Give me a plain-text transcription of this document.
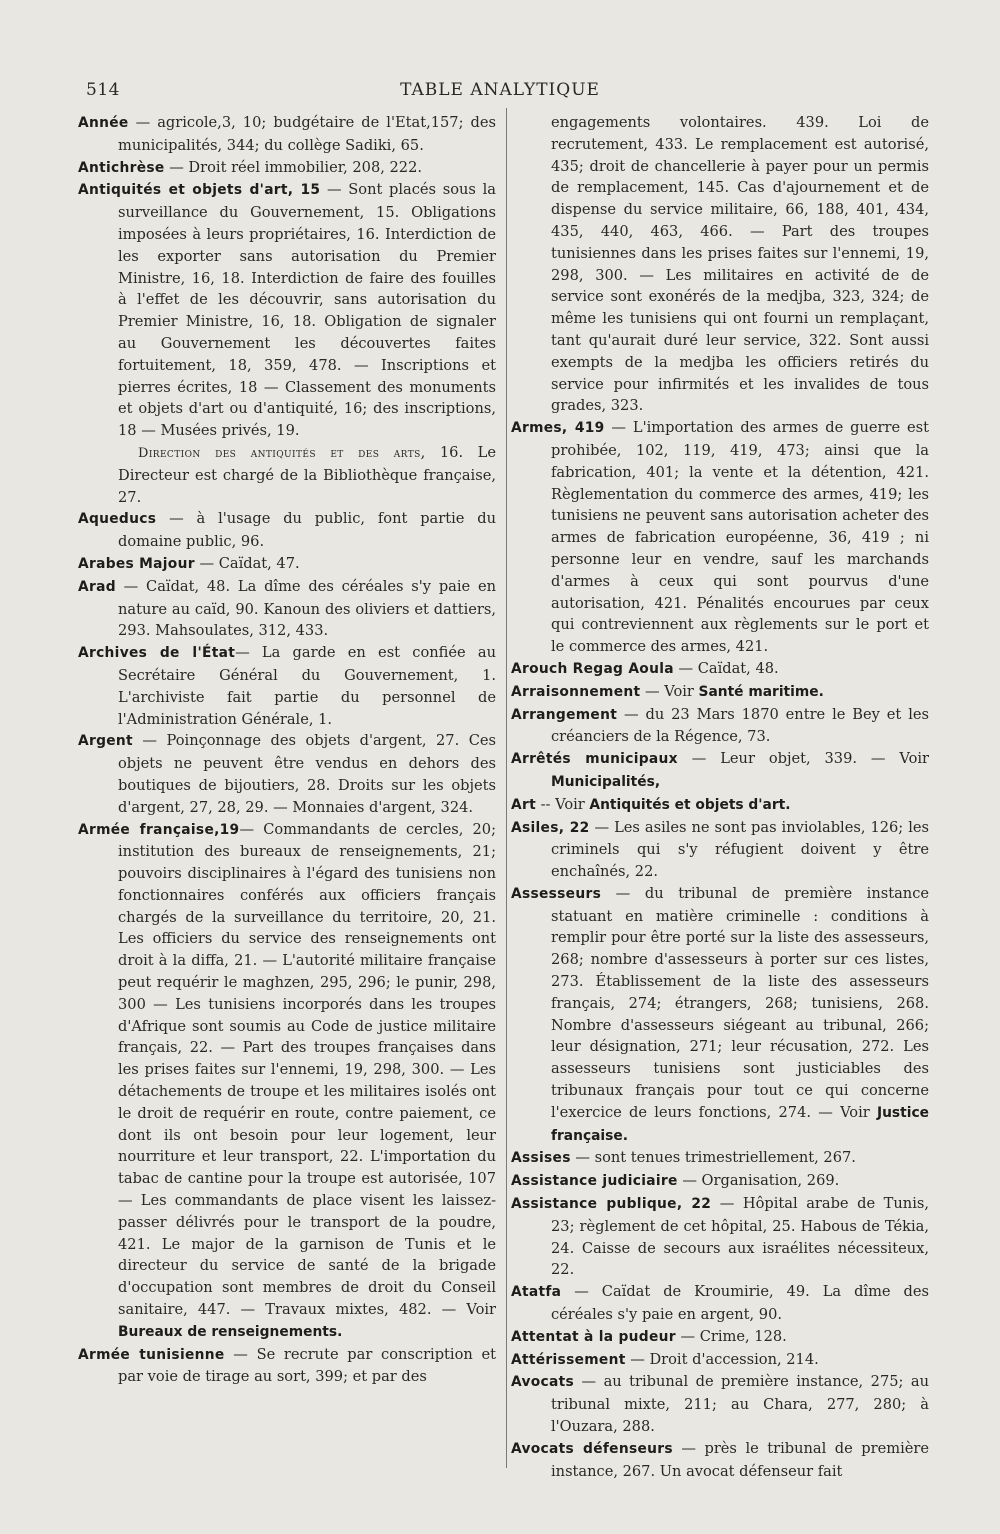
514	TABLE ANALYTIQUE

Année — agricole,3, 10; budgétaire de l'Etat,157; des municipalités, 344; du collège Sadiki, 65.

Antichrèse — Droit réel immobilier, 208, 222.

Antiquités et objets d'art, 15 — Sont placés sous la surveillance du Gouvernement, 15. Obligations imposées à leurs propriétaires, 16. Interdiction de les exporter sans autorisation du Premier Ministre, 16, 18. Interdiction de faire des fouilles à l'effet de les découvrir, sans autorisation du Premier Ministre, 16, 18. Obligation de signaler au Gouvernement les découvertes faites fortuitement, 18, 359, 478. — Inscriptions et pierres écrites, 18 — Classement des monuments et objets d'art ou d'antiquité, 16; des inscriptions, 18 — Musées privés, 19.

Direction des antiquités et des arts, 16. Le Directeur est chargé de la Bibliothèque française, 27.

Aqueducs — à l'usage du public, font partie du domaine public, 96.

Arabes Majour — Caïdat, 47.

Arad — Caïdat, 48. La dîme des céréales s'y paie en nature au caïd, 90. Kanoun des oliviers et dattiers, 293. Mahsoulates, 312, 433.

Archives de l'État— La garde en est confiée au Secrétaire Général du Gouvernement, 1. L'archiviste fait partie du personnel de l'Administration Générale, 1.

Argent — Poinçonnage des objets d'argent, 27. Ces objets ne peuvent être vendus en dehors des boutiques de bijoutiers, 28. Droits sur les objets d'argent, 27, 28, 29. — Monnaies d'argent, 324.

Armée française,19— Commandants de cercles, 20; institution des bureaux de renseignements, 21; pouvoirs disciplinaires à l'égard des tunisiens non fonctionnaires conférés aux officiers français chargés de la surveillance du territoire, 20, 21. Les officiers du service des renseignements ont droit à la diffa, 21. — L'autorité militaire française peut requérir le maghzen, 295, 296; le punir, 298, 300 — Les tunisiens incorporés dans les troupes d'Afrique sont soumis au Code de justice militaire français, 22. — Part des troupes françaises dans les prises faites sur l'ennemi, 19, 298, 300. — Les détachements de troupe et les militaires isolés ont le droit de requérir en route, contre paiement, ce dont ils ont besoin pour leur logement, leur nourriture et leur transport, 22. L'importation du tabac de cantine pour la troupe est autorisée, 107 — Les commandants de place visent les laissez-passer délivrés pour le transport de la poudre, 421. Le major de la garnison de Tunis et le directeur du service de santé de la brigade d'occupation sont membres de droit du Conseil sanitaire, 447. — Travaux mixtes, 482. — Voir Bureaux de renseignements.

Armée tunisienne — Se recrute par conscription et par voie de tirage au sort, 399; et par des

engagements volontaires. 439. Loi de recrutement, 433. Le remplacement est autorisé, 435; droit de chancellerie à payer pour un permis de remplacement, 145. Cas d'ajournement et de dispense du service militaire, 66, 188, 401, 434, 435, 440, 463, 466. — Part des troupes tunisiennes dans les prises faites sur l'ennemi, 19, 298, 300. — Les militaires en activité de de service sont exonérés de la medjba, 323, 324; de même les tunisiens qui ont fourni un remplaçant, tant qu'aurait duré leur service, 322. Sont aussi exempts de la medjba les officiers retirés du service pour infirmités et les invalides de tous grades, 323.

Armes, 419 — L'importation des armes de guerre est prohibée, 102, 119, 419, 473; ainsi que la fabrication, 401; la vente et la détention, 421. Règlementation du commerce des armes, 419; les tunisiens ne peuvent sans autorisation acheter des armes de fabrication européenne, 36, 419 ; ni personne leur en vendre, sauf les marchands d'armes à ceux qui sont pourvus d'une autorisation, 421. Pénalités encourues par ceux qui contreviennent aux règlements sur le port et le commerce des armes, 421.

Arouch Regag Aoula — Caïdat, 48.

Arraisonnement — Voir Santé maritime.

Arrangement — du 23 Mars 1870 entre le Bey et les créanciers de la Régence, 73.

Arrêtés municipaux — Leur objet, 339. — Voir Municipalités,

Art -- Voir Antiquités et objets d'art.

Asiles, 22 — Les asiles ne sont pas inviolables, 126; les criminels qui s'y réfugient doivent y être enchaînés, 22.

Assesseurs — du tribunal de première instance statuant en matière criminelle : conditions à remplir pour être porté sur la liste des assesseurs, 268; nombre d'assesseurs à porter sur ces listes, 273. Établissement de la liste des assesseurs français, 274; étrangers, 268; tunisiens, 268. Nombre d'assesseurs siégeant au tribunal, 266; leur désignation, 271; leur récusation, 272. Les assesseurs tunisiens sont justiciables des tribunaux français pour tout ce qui concerne l'exercice de leurs fonctions, 274. — Voir Justice française.

Assises — sont tenues trimestriellement, 267.

Assistance judiciaire — Organisation, 269.

Assistance publique, 22 — Hôpital arabe de Tunis, 23; règlement de cet hôpital, 25. Habous de Tékia, 24. Caisse de secours aux israélites nécessiteux, 22.

Atatfa — Caïdat de Kroumirie, 49. La dîme des céréales s'y paie en argent, 90.

Attentat à la pudeur — Crime, 128.

Attérissement — Droit d'accession, 214.

Avocats — au tribunal de première instance, 275; au tribunal mixte, 211; au Chara, 277, 280; à l'Ouzara, 288.

Avocats défenseurs — près le tribunal de première instance, 267. Un avocat défenseur fait
